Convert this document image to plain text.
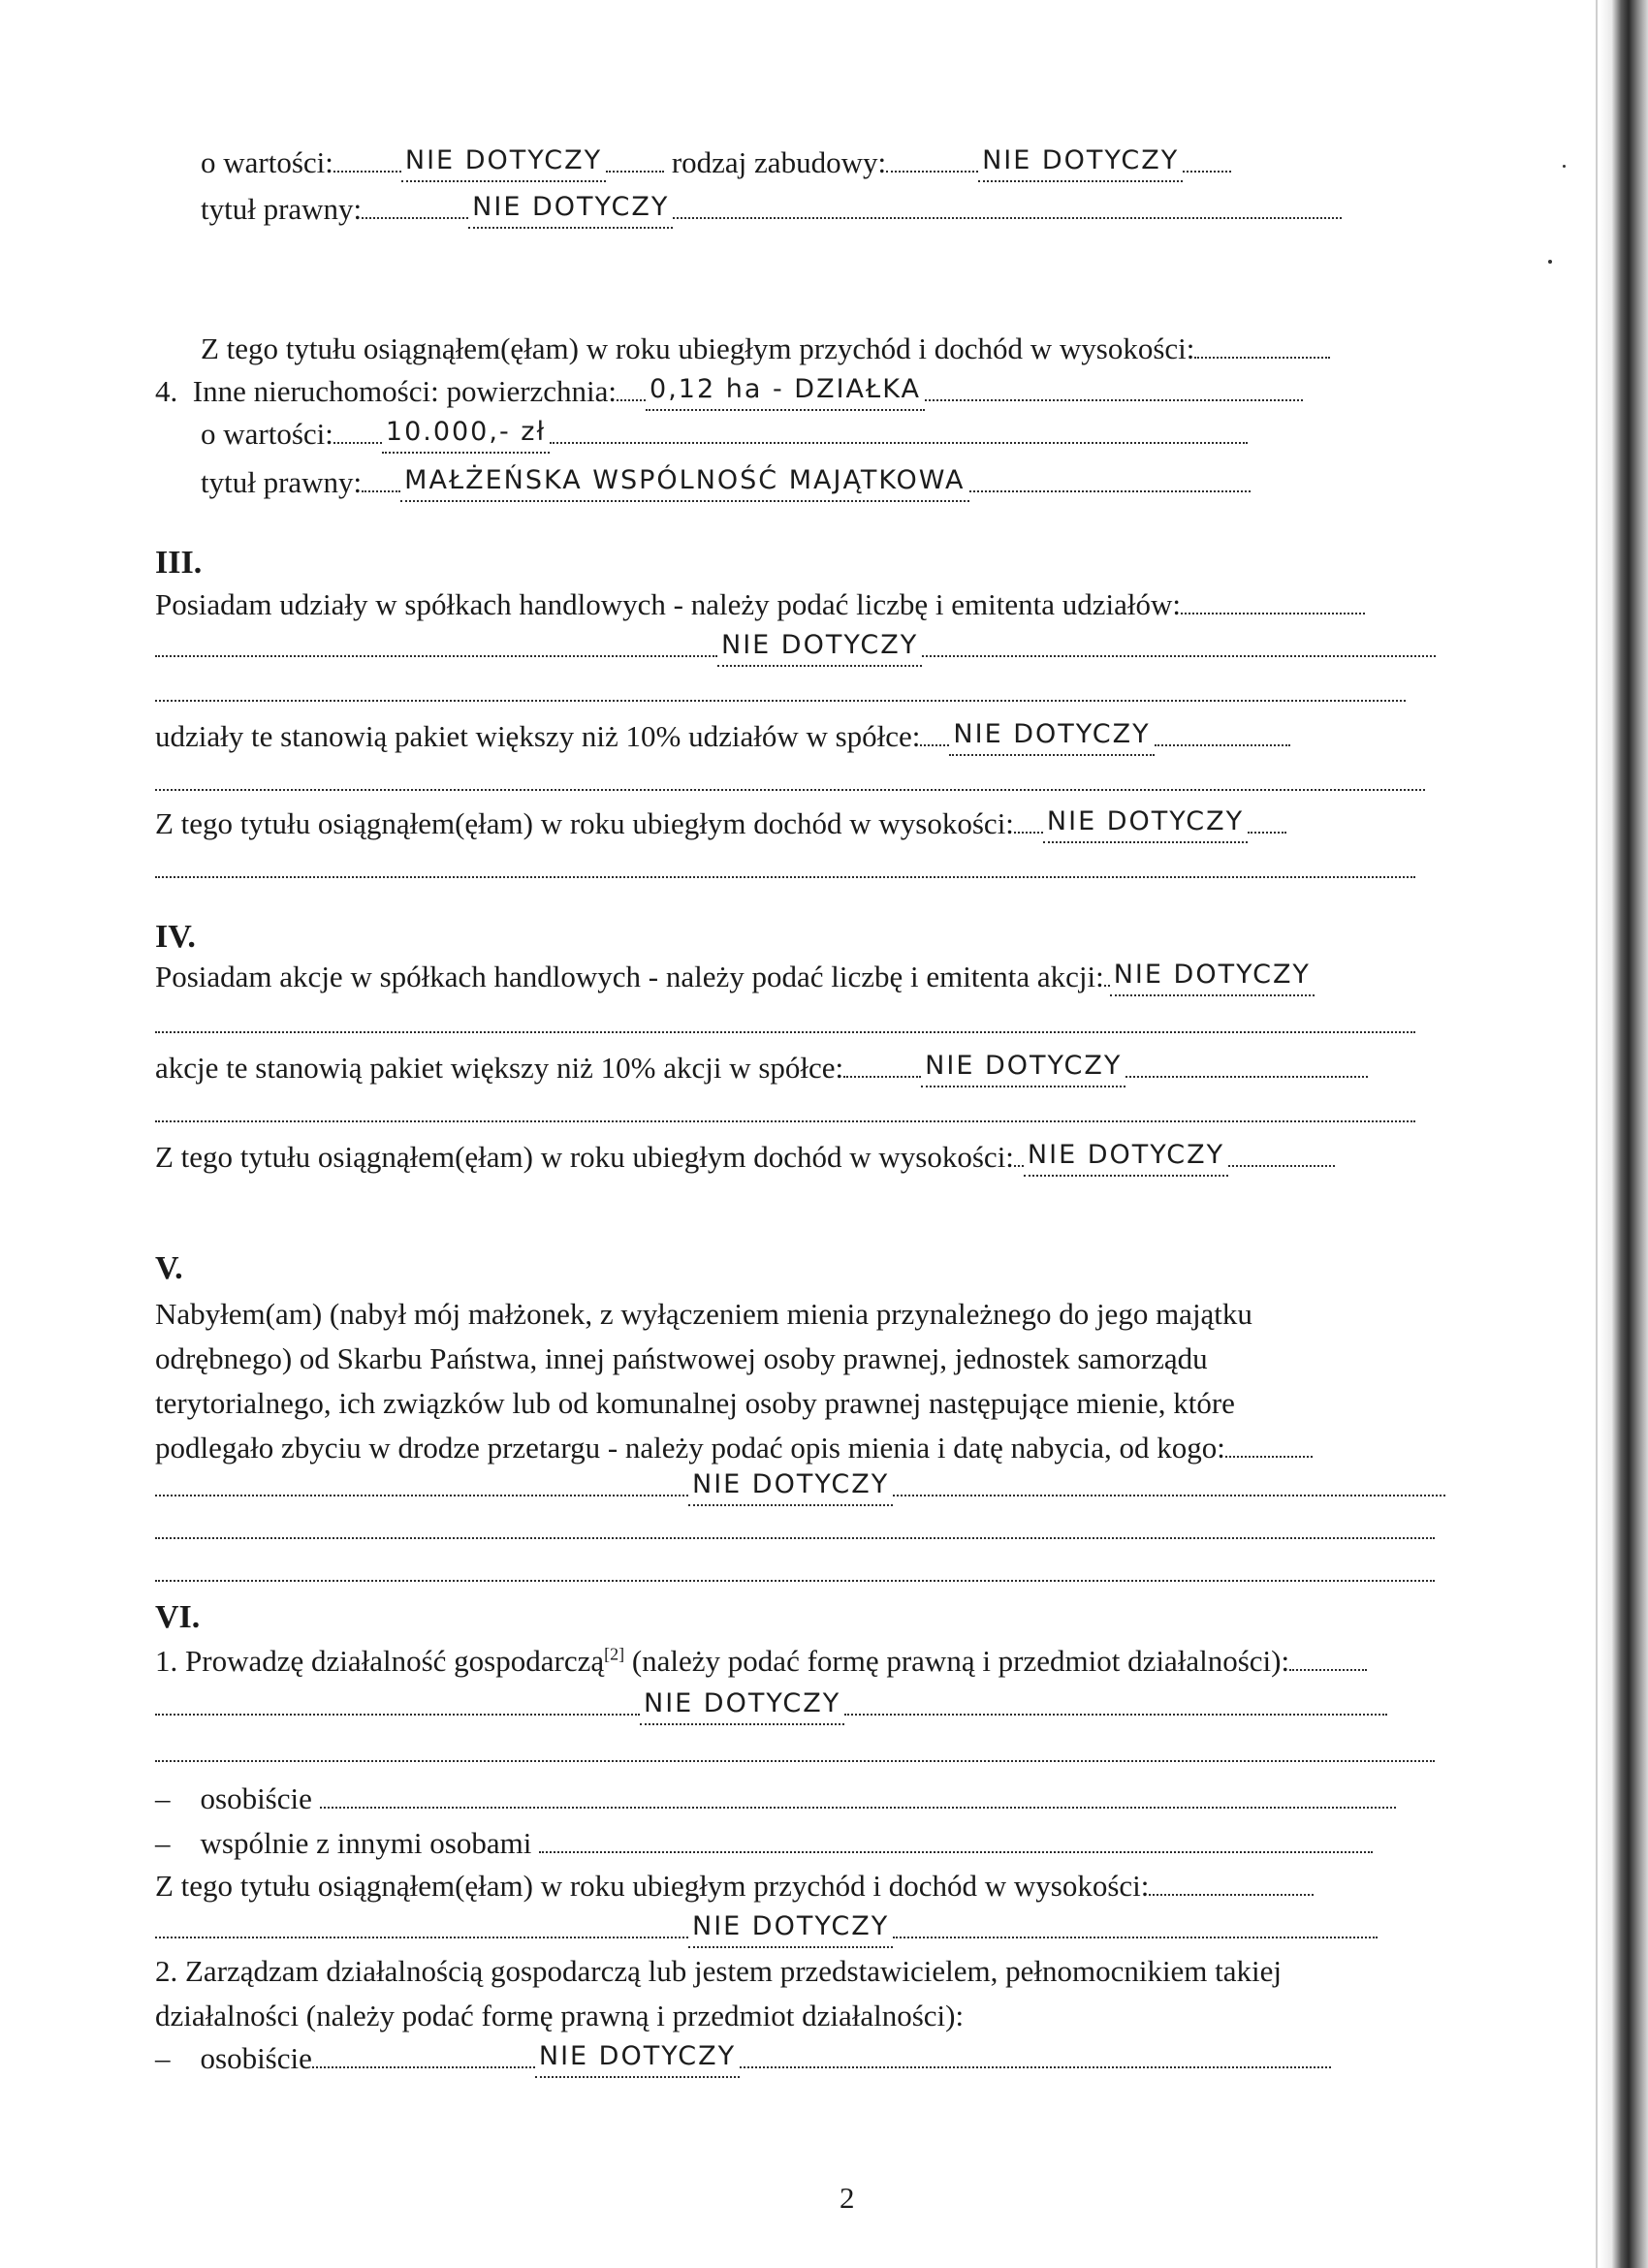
o wartości:	NIE DOTYCZY rodzaj zabudowy:	NIE DOTYCZY
tytuł prawny:	NIE DOTYCZY
Z tego tytułu osiągnąłem(ęłam) w roku ubiegłym przychód i dochód w wysokości:
4. Inne nieruchomości: powierzchnia: 0,12 ha - DZIAŁKA
o wartości: 10.000,- zł
tytuł prawny: MAŁŻEŃSKA WSPÓLNOŚĆ MAJĄTKOWA
III.
Posiadam udziały w spółkach handlowych - należy podać liczbę i emitenta udziałów:
NIE DOTYCZY
udziały te stanowią pakiet większy niż 10% udziałów w spółce: NIE DOTYCZY
Z tego tytułu osiągnąłem(ęłam) w roku ubiegłym dochód w wysokości: NIE DOTYCZY
IV.
Posiadam akcje w spółkach handlowych - należy podać liczbę i emitenta akcji: NIE DOTYCZY
akcje te stanowią pakiet większy niż 10% akcji w spółce:	NIE DOTYCZY
Z tego tytułu osiągnąłem(ęłam) w roku ubiegłym dochód w wysokości: NIE DOTYCZY
V.
Nabyłem(am) (nabył mój małżonek, z wyłączeniem mienia przynależnego do jego majątku
odrębnego) od Skarbu Państwa, innej państwowej osoby prawnej, jednostek samorządu
terytorialnego, ich związków lub od komunalnej osoby prawnej następujące mienie, które
podlegało zbyciu w drodze przetargu - należy podać opis mienia i datę nabycia, od kogo:
NIE DOTYCZY
VI.
1. Prowadzę działalność gospodarczą[2] (należy podać formę prawną i przedmiot działalności):
NIE DOTYCZY
– osobiście
– wspólnie z innymi osobami
Z tego tytułu osiągnąłem(ęłam) w roku ubiegłym przychód i dochód w wysokości:
NIE DOTYCZY
2. Zarządzam działalnością gospodarczą lub jestem przedstawicielem, pełnomocnikiem takiej
działalności (należy podać formę prawną i przedmiot działalności):
– osobiście	NIE DOTYCZY
2
